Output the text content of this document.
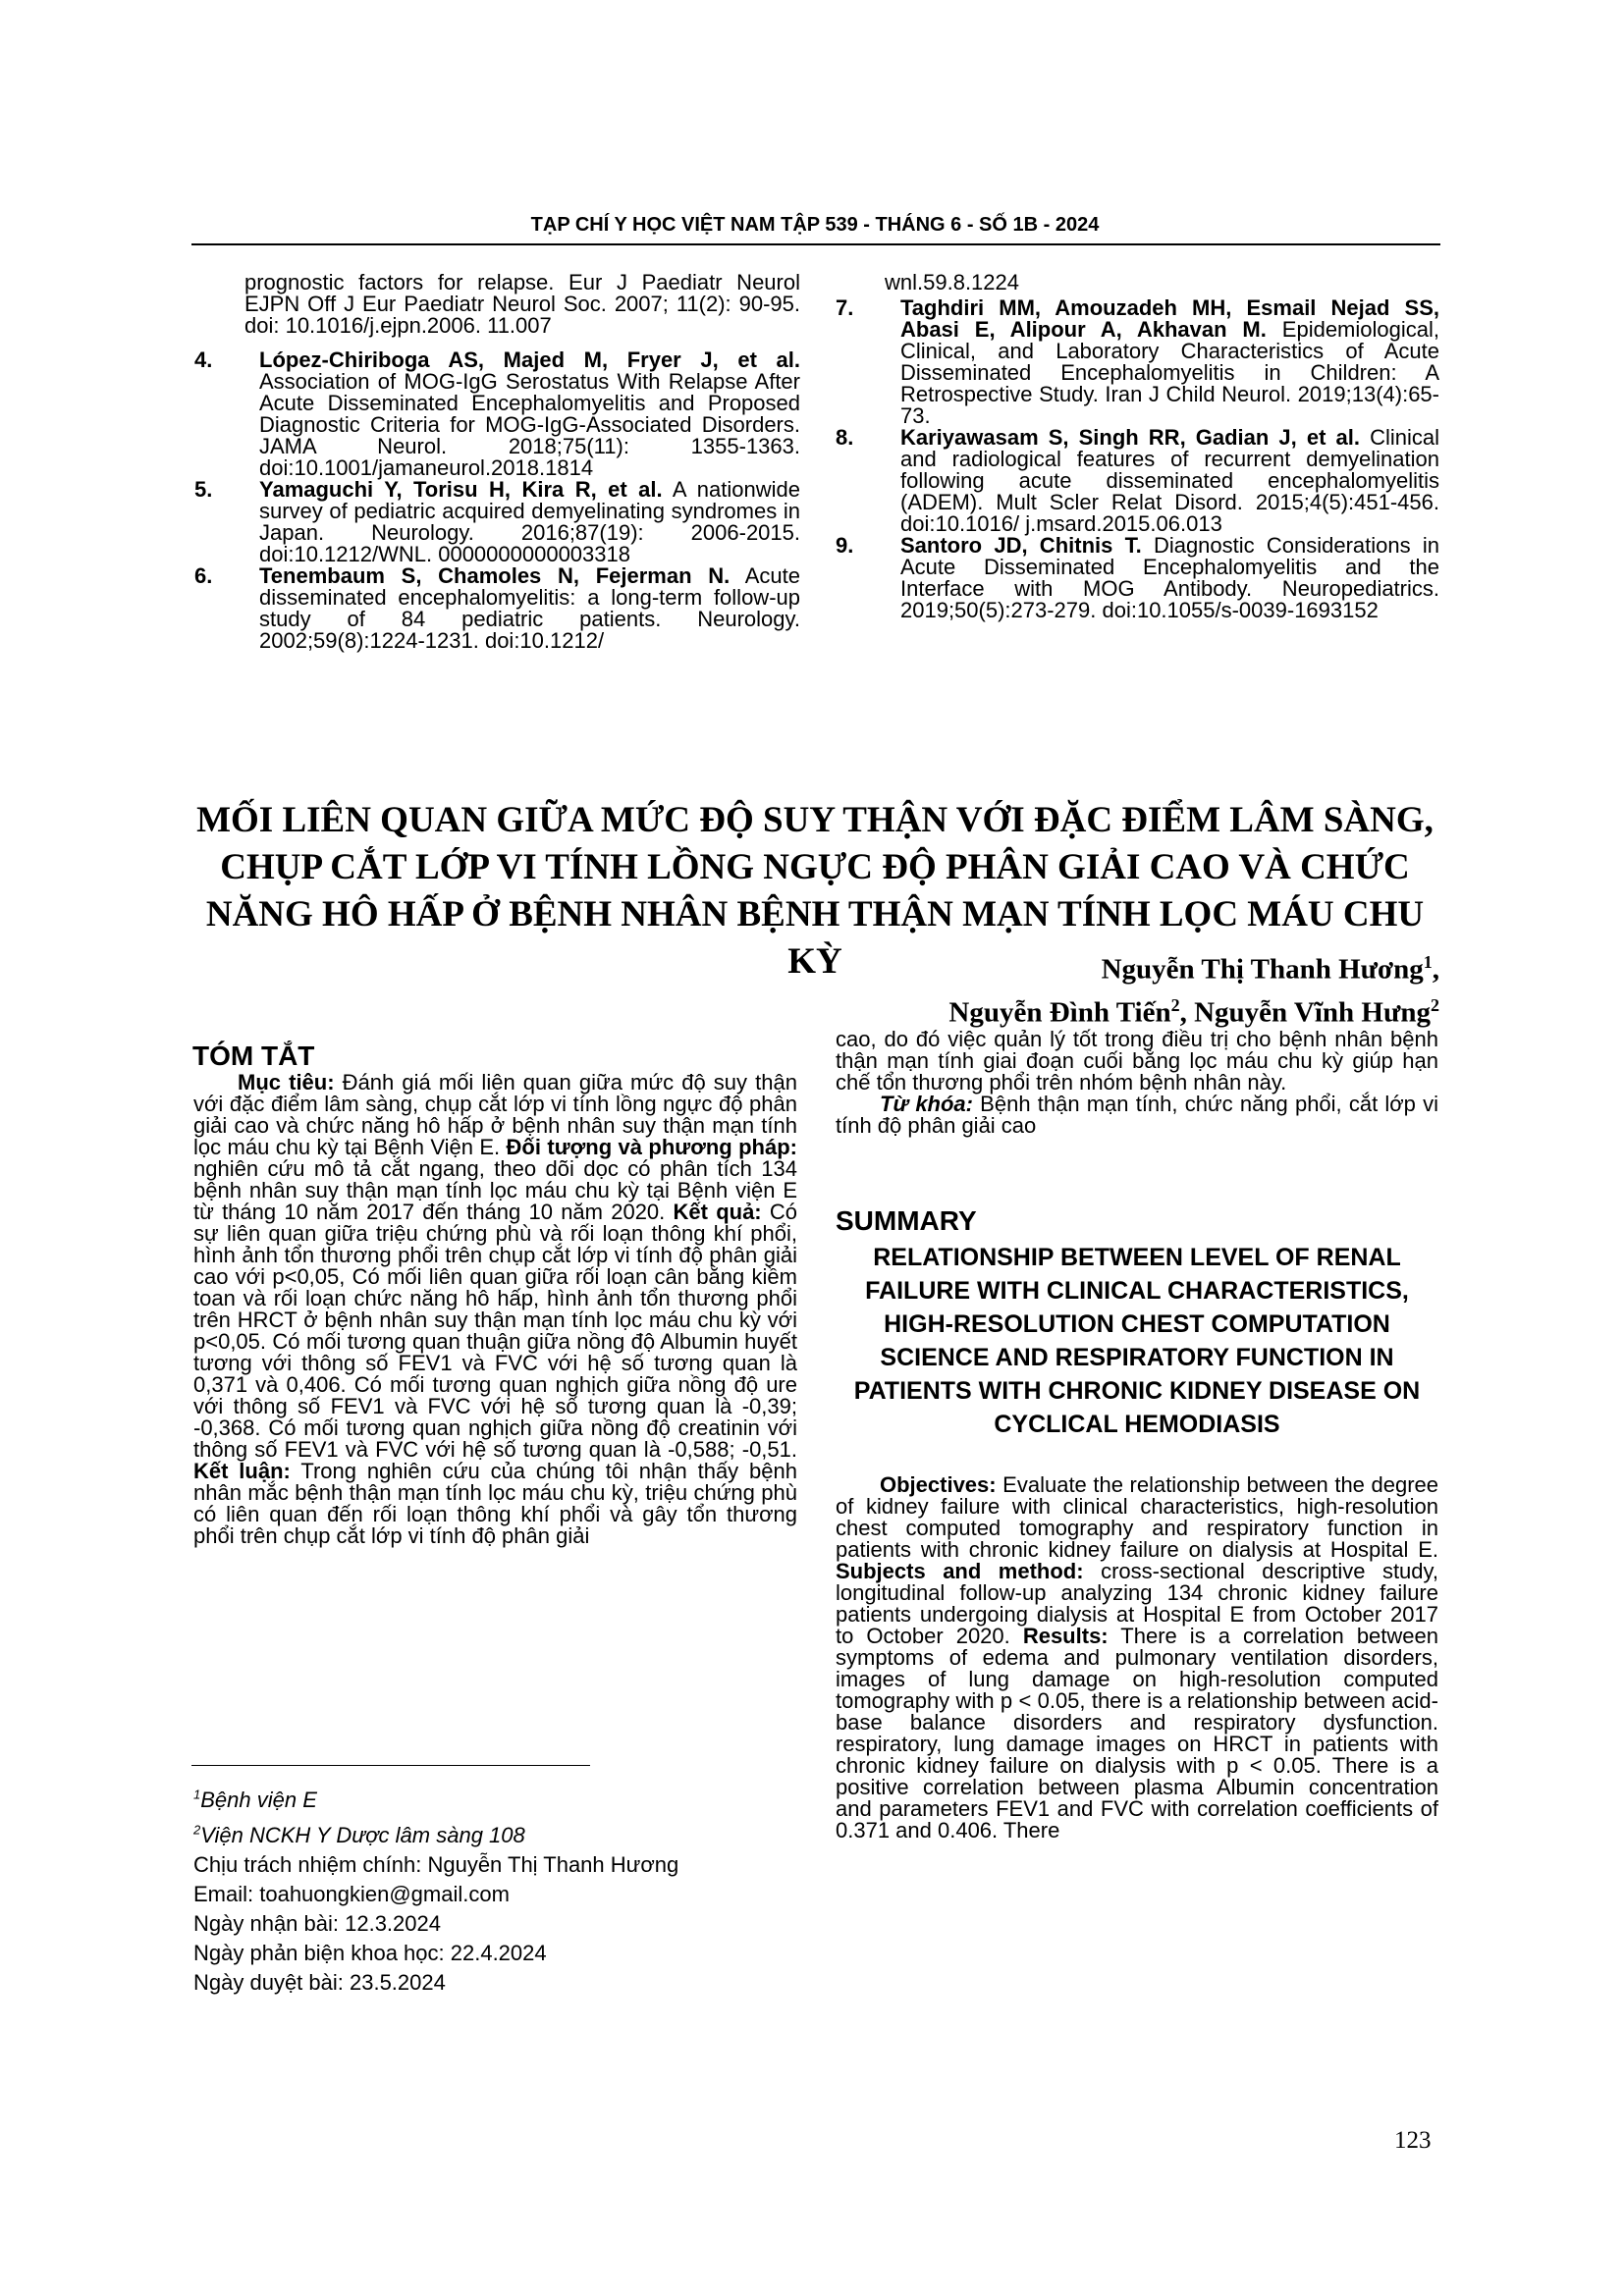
TẠP CHÍ Y HỌC VIỆT NAM TẬP 539 - THÁNG 6 - SỐ 1B - 2024

prognostic factors for relapse. Eur J Paediatr Neurol EJPN Off J Eur Paediatr Neurol Soc. 2007; 11(2): 90-95. doi: 10.1016/j.ejpn.2006. 11.007

4.	López-Chiriboga AS, Majed M, Fryer J, et al. Association of MOG-IgG Serostatus With Relapse After Acute Disseminated Encephalomyelitis and Proposed Diagnostic Criteria for MOG-IgG-Associated Disorders. JAMA Neurol. 2018;75(11): 1355-1363. doi:10.1001/jamaneurol.2018.1814
5.	Yamaguchi Y, Torisu H, Kira R, et al. A nationwide survey of pediatric acquired demyelinating syndromes in Japan. Neurology. 2016;87(19): 2006-2015. doi:10.1212/WNL. 0000000000003318
6.	Tenembaum S, Chamoles N, Fejerman N. Acute disseminated encephalomyelitis: a long-term follow-up study of 84 pediatric patients. Neurology. 2002;59(8):1224-1231. doi:10.1212/

wnl.59.8.1224

7.	Taghdiri MM, Amouzadeh MH, Esmail Nejad SS, Abasi E, Alipour A, Akhavan M. Epidemiological, Clinical, and Laboratory Characteristics of Acute Disseminated Encephalomyelitis in Children: A Retrospective Study. Iran J Child Neurol. 2019;13(4):65-73.
8.	Kariyawasam S, Singh RR, Gadian J, et al. Clinical and radiological features of recurrent demyelination following acute disseminated encephalomyelitis (ADEM). Mult Scler Relat Disord. 2015;4(5):451-456. doi:10.1016/ j.msard.2015.06.013
9.	Santoro JD, Chitnis T. Diagnostic Considerations in Acute Disseminated Encephalomyelitis and the Interface with MOG Antibody. Neuropediatrics. 2019;50(5):273-279. doi:10.1055/s-0039-1693152
MỐI LIÊN QUAN GIỮA MỨC ĐỘ SUY THẬN VỚI ĐẶC ĐIỂM LÂM SÀNG,
CHỤP CẮT LỚP VI TÍNH LỒNG NGỰC ĐỘ PHÂN GIẢI CAO VÀ CHỨC
NĂNG HÔ HẤP Ở BỆNH NHÂN BỆNH THẬN MẠN TÍNH LỌC MÁU CHU KỲ	Nguyễn Thị Thanh Hương$^1$,
Nguyễn Đình Tiến$^2$, Nguyễn Vĩnh Hưng$^2$
TÓM TẮT

Mục tiêu: Đánh giá mối liên quan giữa mức độ suy thận với đặc điểm lâm sàng, chụp cắt lớp vi tính lồng ngực độ phân giải cao và chức năng hô hấp ở bệnh nhân suy thận mạn tính lọc máu chu kỳ tại Bệnh Viện E. Đối tượng và phương pháp: nghiên cứu mô tả cắt ngang, theo dõi dọc có phân tích 134 bệnh nhân suy thận mạn tính lọc máu chu kỳ tại Bệnh viện E từ tháng 10 năm 2017 đến tháng 10 năm 2020. Kết quả: Có sự liên quan giữa triệu chứng phù và rối loạn thông khí phổi, hình ảnh tổn thương phổi trên chụp cắt lớp vi tính độ phân giải cao với p<0,05, Có mối liên quan giữa rối loạn cân bằng kiềm toan và rối loạn chức năng hô hấp, hình ảnh tổn thương phổi trên HRCT ở bệnh nhân suy thận mạn tính lọc máu chu kỳ với p<0,05. Có mối tương quan thuận giữa nồng độ Albumin huyết tương với thông số FEV1 và FVC với hệ số tương quan là 0,371 và 0,406. Có mối tương quan nghịch giữa nồng độ ure với thông số FEV1 và FVC với hệ số tương quan là -0,39; -0,368. Có mối tương quan nghịch giữa nồng độ creatinin với thông số FEV1 và FVC với hệ số tương quan là -0,588; -0,51. Kết luận: Trong nghiên cứu của chúng tôi nhận thấy bệnh nhân mắc bệnh thận mạn tính lọc máu chu kỳ, triệu chứng phù có liên quan đến rối loạn thông khí phổi và gây tổn thương phổi trên chụp cắt lớp vi tính độ phân giải

cao, do đó việc quản lý tốt trong điều trị cho bệnh nhân bệnh thận mạn tính giai đoạn cuối bằng lọc máu chu kỳ giúp hạn chế tổn thương phổi trên nhóm bệnh nhân này.

Từ khóa: Bệnh thận mạn tính, chức năng phổi, cắt lớp vi tính độ phân giải cao

SUMMARY
RELATIONSHIP BETWEEN LEVEL OF RENAL FAILURE WITH CLINICAL CHARACTERISTICS, HIGH-RESOLUTION CHEST COMPUTATION SCIENCE AND RESPIRATORY FUNCTION IN PATIENTS WITH CHRONIC KIDNEY DISEASE ON CYCLICAL HEMODIASIS

Objectives: Evaluate the relationship between the degree of kidney failure with clinical characteristics, high-resolution chest computed tomography and respiratory function in patients with chronic kidney failure on dialysis at Hospital E. Subjects and method: cross-sectional descriptive study, longitudinal follow-up analyzing 134 chronic kidney failure patients undergoing dialysis at Hospital E from October 2017 to October 2020. Results: There is a correlation between symptoms of edema and pulmonary ventilation disorders, images of lung damage on high-resolution computed tomography with p < 0.05, there is a relationship between acid-base balance disorders and respiratory dysfunction. respiratory, lung damage images on HRCT in patients with chronic kidney failure on dialysis with p < 0.05. There is a positive correlation between plasma Albumin concentration and parameters FEV1 and FVC with correlation coefficients of 0.371 and 0.406. There

$^1$Bệnh viện E
$^2$Viện NCKH Y Dược lâm sàng 108
Chịu trách nhiệm chính: Nguyễn Thị Thanh Hương
Email: toahuongkien@gmail.com
Ngày nhận bài: 12.3.2024
Ngày phản biện khoa học: 22.4.2024
Ngày duyệt bài: 23.5.2024
123
